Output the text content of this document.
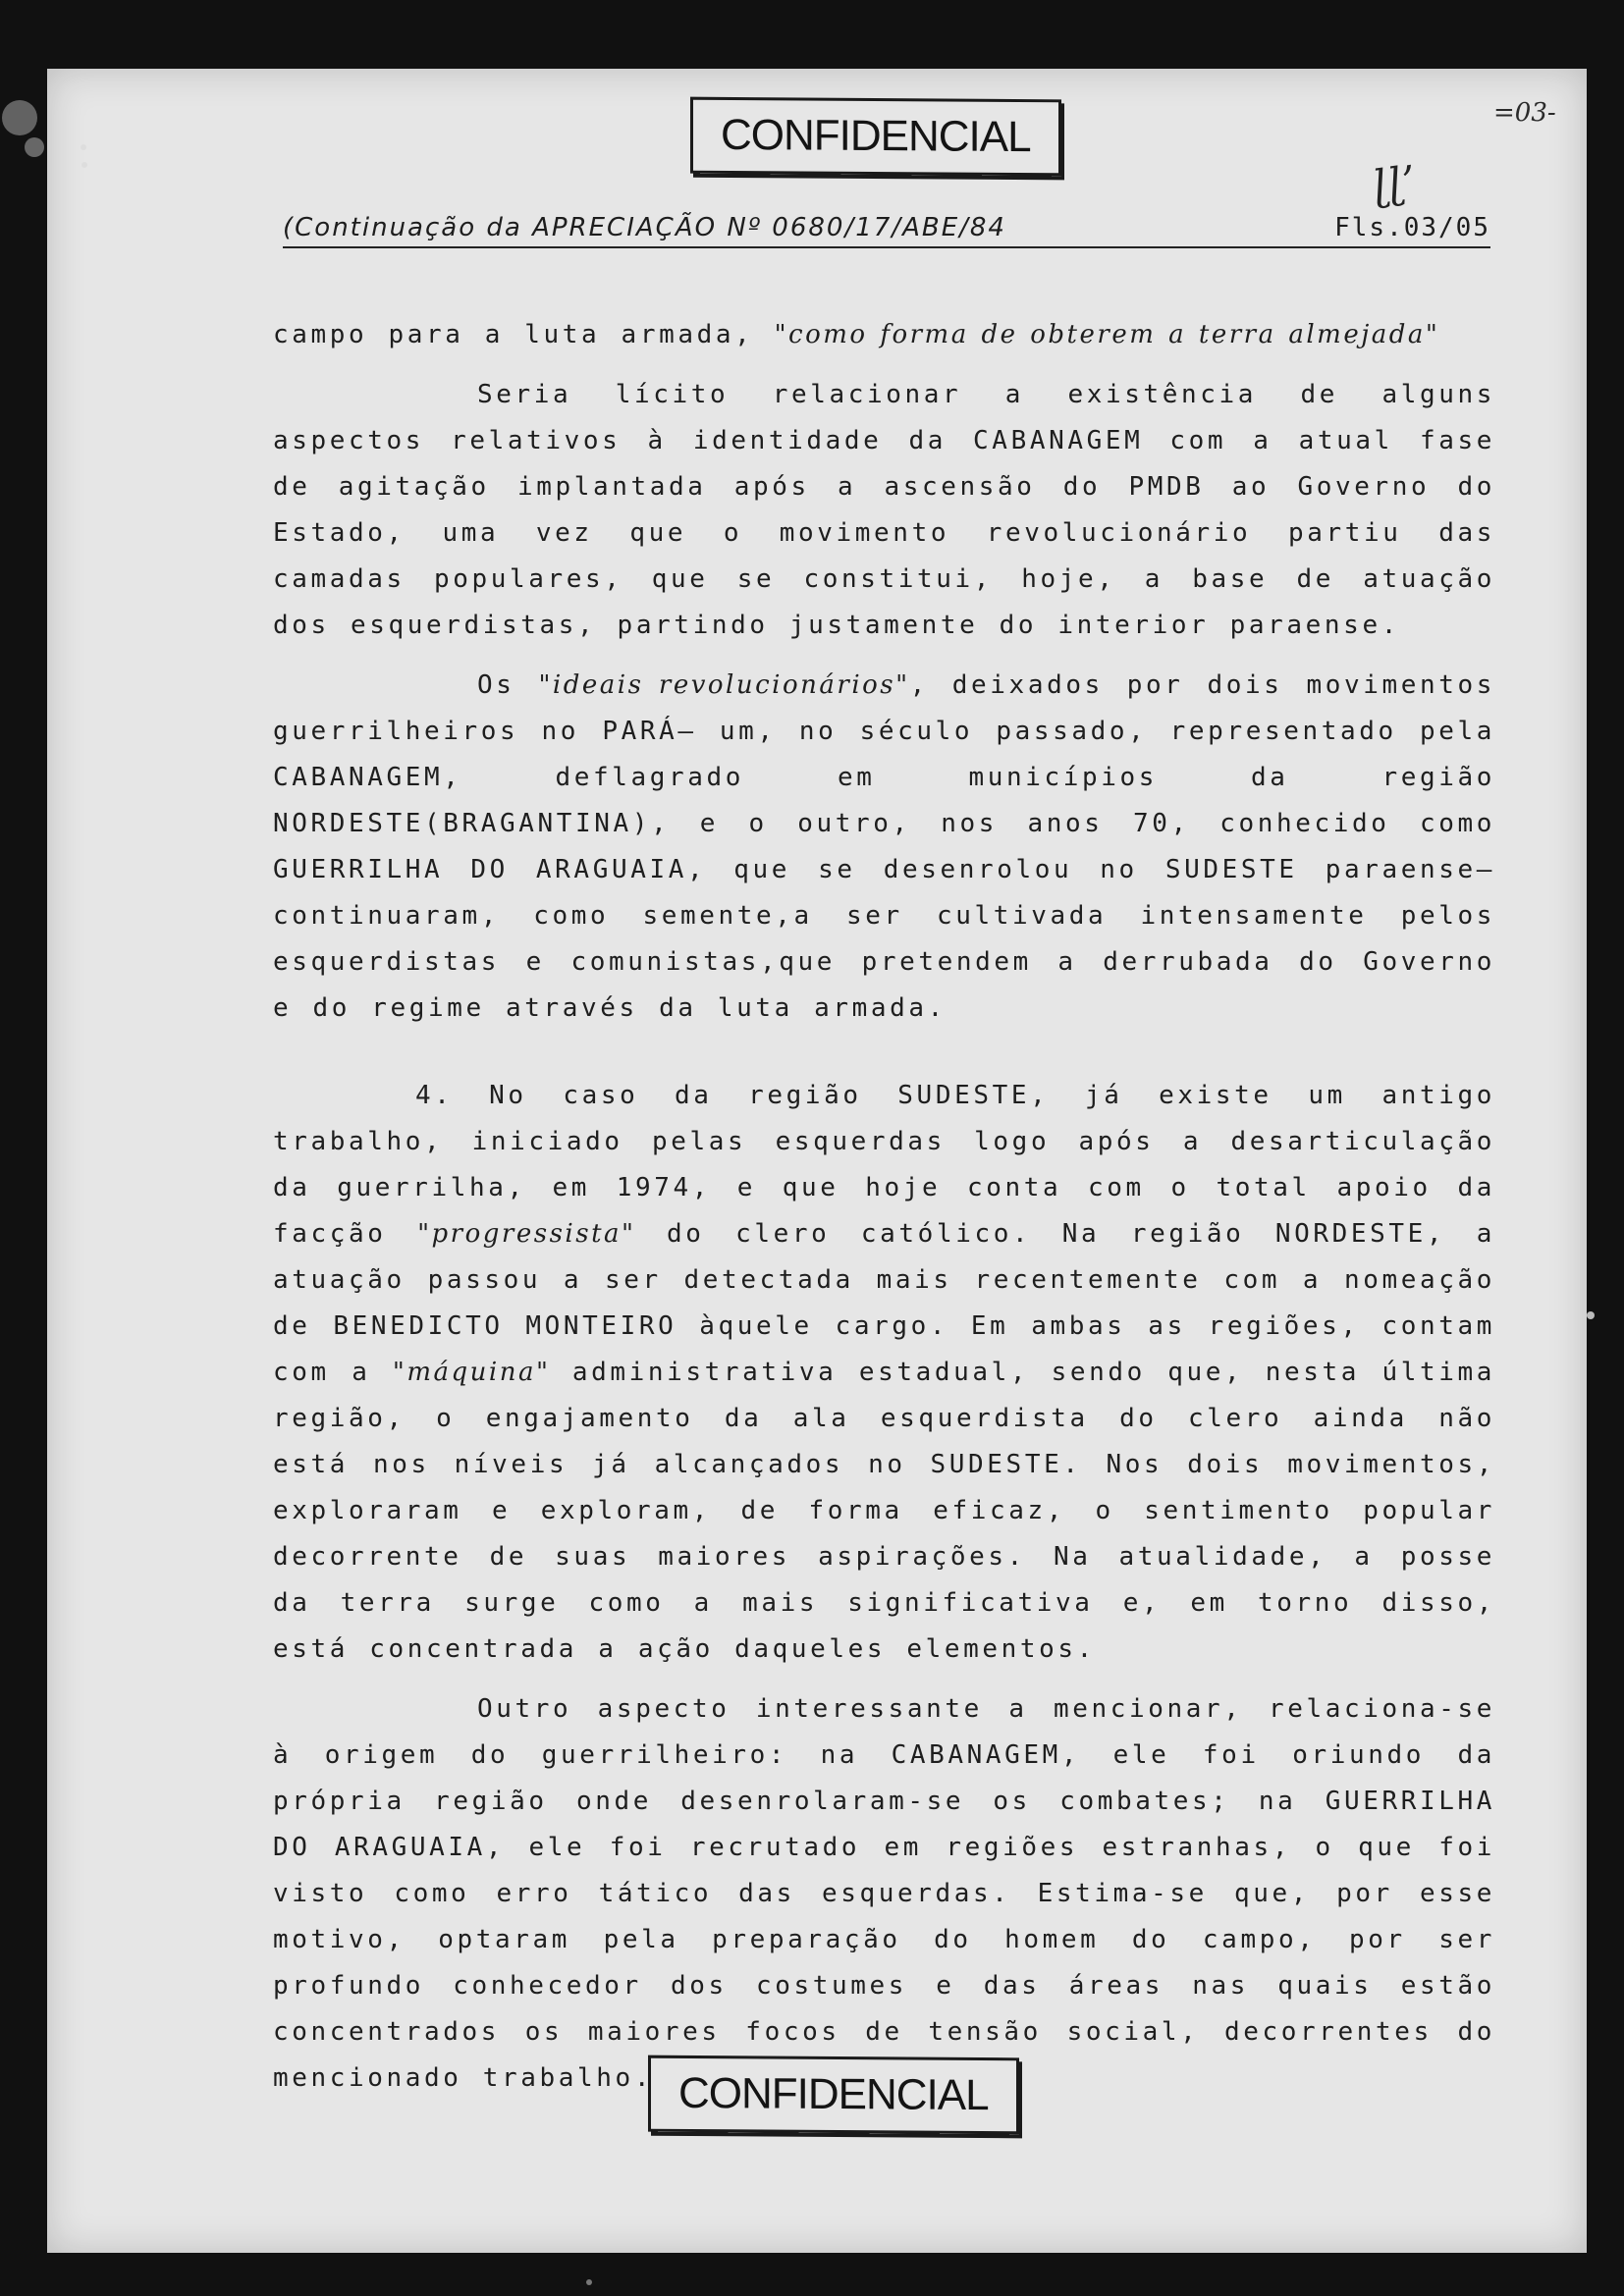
CONFIDENCIAL	=03-
ɭɭ’
(Continuação da APRECIAÇÃO Nº 0680/17/ABE/84	Fls.03/05

campo para a luta armada, "como forma de obterem a terra almejada"

Seria lícito relacionar a existência de alguns aspectos relativos à identidade da CABANAGEM com a atual fase de agitação implantada após a ascensão do PMDB ao Governo do Estado, uma vez que o movimento revolucionário partiu das camadas populares, que se constitui, hoje, a base de atuação dos esquerdistas, partindo justamente do interior paraense.

Os "ideais revolucionários", deixados por dois movimentos guerrilheiros no PARÁ— um, no século passado, representado pela CABANAGEM, deflagrado em municípios da região NORDESTE(BRAGANTINA), e o outro, nos anos 70, conhecido como GUERRILHA DO ARAGUAIA, que se desenrolou no SUDESTE paraense— continuaram, como semente,a ser cultivada intensamente pelos esquerdistas e comunistas,que pretendem a derrubada do Governo e do regime através da luta armada.

4. No caso da região SUDESTE, já existe um antigo trabalho, iniciado pelas esquerdas logo após a desarticulação da guerrilha, em 1974, e que hoje conta com o total apoio da facção "progressista" do clero católico. Na região NORDESTE, a atuação passou a ser detectada mais recentemente com a nomeação de BENEDICTO MONTEIRO àquele cargo. Em ambas as regiões, contam com a "máquina" administrativa estadual, sendo que, nesta última região, o engajamento da ala esquerdista do clero ainda não está nos níveis já alcançados no SUDESTE. Nos dois movimentos, exploraram e exploram, de forma eficaz, o sentimento popular decorrente de suas maiores aspirações. Na atualidade, a posse da terra surge como a mais significativa e, em torno disso, está concentrada a ação daqueles elementos.

Outro aspecto interessante a mencionar, relaciona-se à origem do guerrilheiro: na CABANAGEM, ele foi oriundo da própria região onde desenrolaram-se os combates; na GUERRILHA DO ARAGUAIA, ele foi recrutado em regiões estranhas, o que foi visto como erro tático das esquerdas. Estima-se que, por esse motivo, optaram pela preparação do homem do campo, por ser profundo conhecedor dos costumes e das áreas nas quais estão concentrados os maiores focos de tensão social, decorrentes do mencionado trabalho. CONFIDENCIAL
